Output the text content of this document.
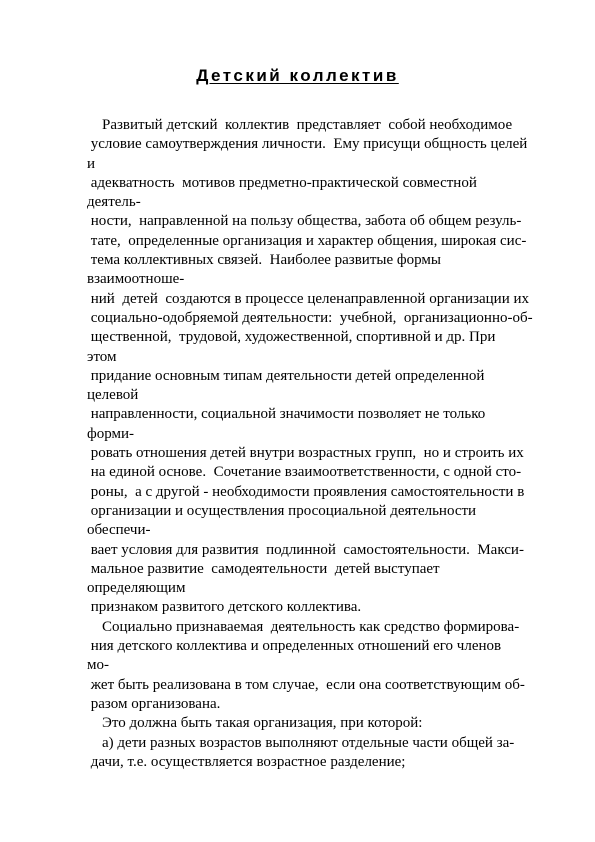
Детский коллектив
Развитый детский  коллектив  представляет  собой необходимое
условие самоутверждения личности.  Ему присущи общность целей
и
адекватность  мотивов предметно-практической совместной
деятель-
ности,  направленной на пользу общества, забота об общем резуль-
тате,  определенные организация и характер общения, широкая сис-
тема коллективных связей.  Наиболее развитые формы
взаимоотноше-
ний  детей  создаются в процессе целенаправленной организации их
социально-одобряемой деятельности:  учебной,  организационно-об-
щественной,  трудовой, художественной, спортивной и др. При
этом
придание основным типам деятельности детей определенной
целевой
направленности, социальной значимости позволяет не только
форми-
ровать отношения детей внутри возрастных групп,  но и строить их
на единой основе.  Сочетание взаимоответственности, с одной сто-
роны,  а с другой - необходимости проявления самостоятельности в
организации и осуществления просоциальной деятельности
обеспечи-
вает условия для развития  подлинной  самостоятельности.  Макси-
мальное развитие  самодеятельности  детей выступает
определяющим
признаком развитого детского коллектива.
Социально признаваемая  деятельность как средство формирова-
ния детского коллектива и определенных отношений его членов
мо-
жет быть реализована в том случае,  если она соответствующим об-
разом организована.
Это должна быть такая организация, при которой:
а) дети разных возрастов выполняют отдельные части общей за-
дачи, т.е. осуществляется возрастное разделение;
